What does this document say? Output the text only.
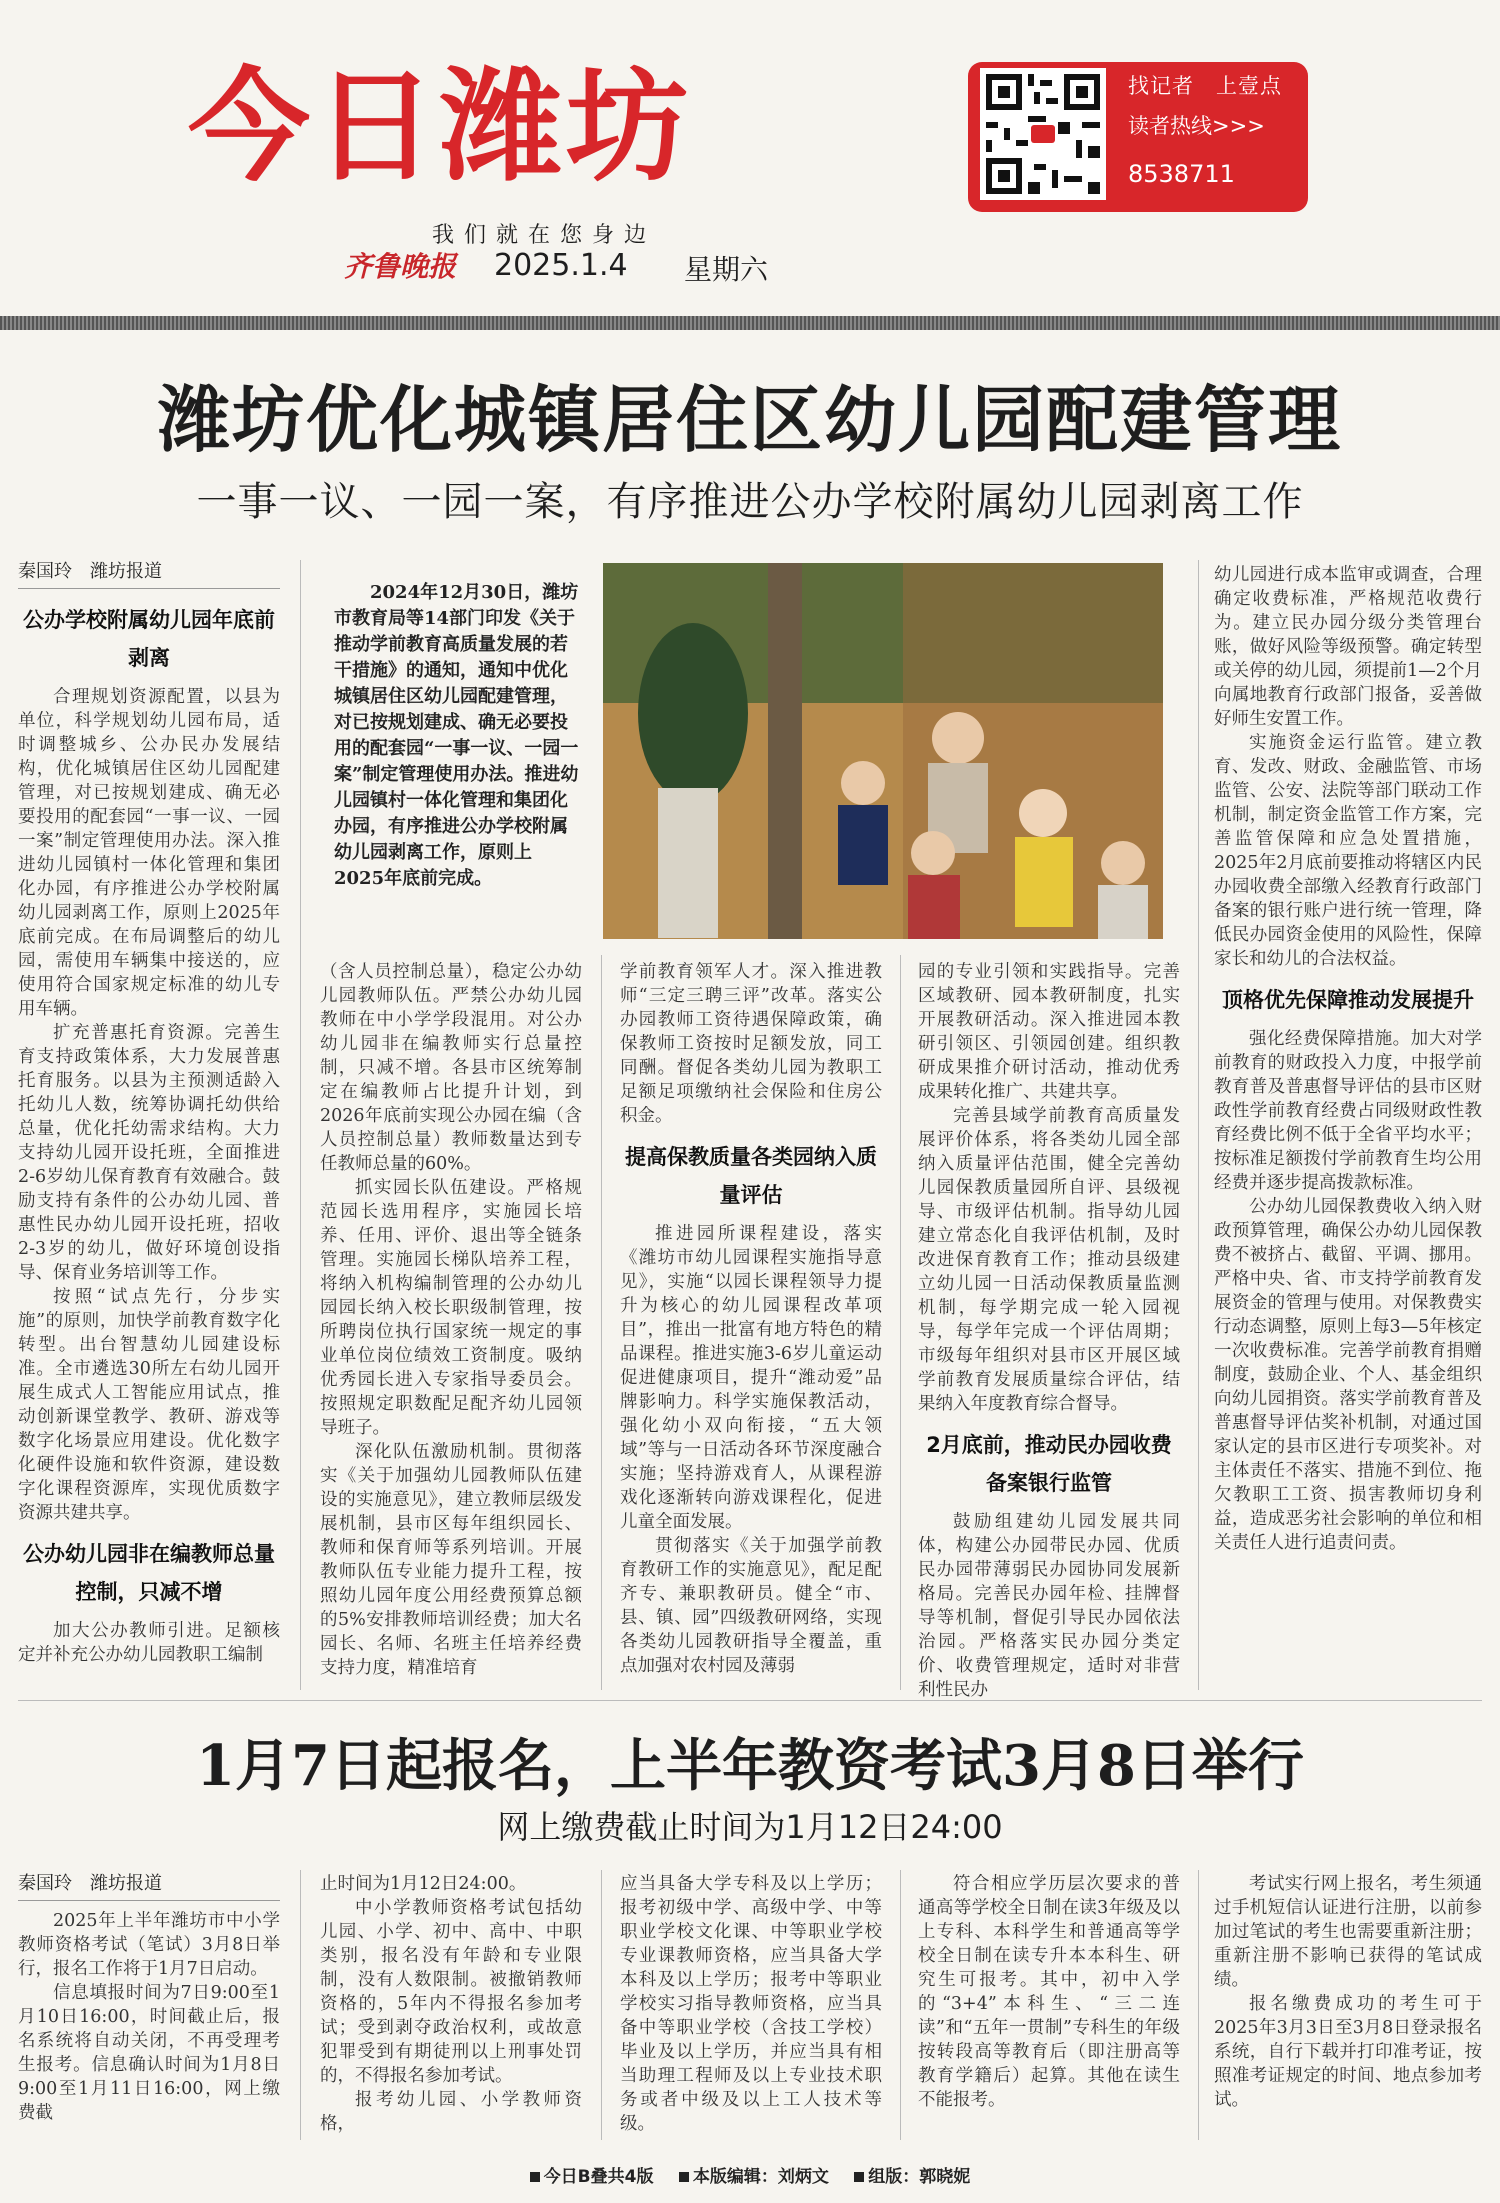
今日潍坊
我们就在您身边
齐鲁晚报 2025.1.4 星期六
找记者　上壹点
读者热线>>>
8538711
潍坊优化城镇居住区幼儿园配建管理
一事一议、一园一案，有序推进公办学校附属幼儿园剥离工作
秦国玲　潍坊报道
公办学校附属幼儿园年底前剥离

合理规划资源配置，以县为单位，科学规划幼儿园布局，适时调整城乡、公办民办发展结构，优化城镇居住区幼儿园配建管理，对已按规划建成、确无必要投用的配套园“一事一议、一园一案”制定管理使用办法。深入推进幼儿园镇村一体化管理和集团化办园，有序推进公办学校附属幼儿园剥离工作，原则上2025年底前完成。在布局调整后的幼儿园，需使用车辆集中接送的，应使用符合国家规定标准的幼儿专用车辆。

扩充普惠托育资源。完善生育支持政策体系，大力发展普惠托育服务。以县为主预测适龄入托幼儿人数，统筹协调托幼供给总量，优化托幼需求结构。大力支持幼儿园开设托班，全面推进2-6岁幼儿保育教育有效融合。鼓励支持有条件的公办幼儿园、普惠性民办幼儿园开设托班，招收2-3岁的幼儿，做好环境创设指导、保育业务培训等工作。

按照“试点先行，分步实施”的原则，加快学前教育数字化转型。出台智慧幼儿园建设标准。全市遴选30所左右幼儿园开展生成式人工智能应用试点，推动创新课堂教学、教研、游戏等数字化场景应用建设。优化数字化硬件设施和软件资源，建设数字化课程资源库，实现优质数字资源共建共享。

公办幼儿园非在编教师总量控制，只减不增

加大公办教师引进。足额核定并补充公办幼儿园教职工编制

2024年12月30日，潍坊市教育局等14部门印发《关于推动学前教育高质量发展的若干措施》的通知，通知中优化城镇居住区幼儿园配建管理，对已按规划建成、确无必要投用的配套园“一事一议、一园一案”制定管理使用办法。推进幼儿园镇村一体化管理和集团化办园，有序推进公办学校附属幼儿园剥离工作，原则上2025年底前完成。

（含人员控制总量），稳定公办幼儿园教师队伍。严禁公办幼儿园教师在中小学学段混用。对公办幼儿园非在编教师实行总量控制，只减不增。各县市区统筹制定在编教师占比提升计划，到2026年底前实现公办园在编（含人员控制总量）教师数量达到专任教师总量的60%。

抓实园长队伍建设。严格规范园长选用程序，实施园长培养、任用、评价、退出等全链条管理。实施园长梯队培养工程，将纳入机构编制管理的公办幼儿园园长纳入校长职级制管理，按所聘岗位执行国家统一规定的事业单位岗位绩效工资制度。吸纳优秀园长进入专家指导委员会。按照规定职数配足配齐幼儿园领导班子。

深化队伍激励机制。贯彻落实《关于加强幼儿园教师队伍建设的实施意见》，建立教师层级发展机制，县市区每年组织园长、教师和保育师等系列培训。开展教师队伍专业能力提升工程，按照幼儿园年度公用经费预算总额的5%安排教师培训经费；加大名园长、名师、名班主任培养经费支持力度，精准培育

学前教育领军人才。深入推进教师“三定三聘三评”改革。落实公办园教师工资待遇保障政策，确保教师工资按时足额发放，同工同酬。督促各类幼儿园为教职工足额足项缴纳社会保险和住房公积金。

提高保教质量各类园纳入质量评估

推进园所课程建设，落实《潍坊市幼儿园课程实施指导意见》，实施“以园长课程领导力提升为核心的幼儿园课程改革项目”，推出一批富有地方特色的精品课程。推进实施3-6岁儿童运动促进健康项目，提升“潍动爱”品牌影响力。科学实施保教活动，强化幼小双向衔接，“五大领域”等与一日活动各环节深度融合实施；坚持游戏育人，从课程游戏化逐渐转向游戏课程化，促进儿童全面发展。

贯彻落实《关于加强学前教育教研工作的实施意见》，配足配齐专、兼职教研员。健全“市、县、镇、园”四级教研网络，实现各类幼儿园教研指导全覆盖，重点加强对农村园及薄弱

园的专业引领和实践指导。完善区域教研、园本教研制度，扎实开展教研活动。深入推进园本教研引领区、引领园创建。组织教研成果推介研讨活动，推动优秀成果转化推广、共建共享。

完善县域学前教育高质量发展评价体系，将各类幼儿园全部纳入质量评估范围，健全完善幼儿园保教质量园所自评、县级视导、市级评估机制。指导幼儿园建立常态化自我评估机制，及时改进保育教育工作；推动县级建立幼儿园一日活动保教质量监测机制，每学期完成一轮入园视导，每学年完成一个评估周期；市级每年组织对县市区开展区域学前教育发展质量综合评估，结果纳入年度教育综合督导。

2月底前，推动民办园收费备案银行监管

鼓励组建幼儿园发展共同体，构建公办园带民办园、优质民办园带薄弱民办园协同发展新格局。完善民办园年检、挂牌督导等机制，督促引导民办园依法治园。严格落实民办园分类定价、收费管理规定，适时对非营利性民办

幼儿园进行成本监审或调查，合理确定收费标准，严格规范收费行为。建立民办园分级分类管理台账，做好风险等级预警。确定转型或关停的幼儿园，须提前1—2个月向属地教育行政部门报备，妥善做好师生安置工作。

实施资金运行监管。建立教育、发改、财政、金融监管、市场监管、公安、法院等部门联动工作机制，制定资金监管工作方案，完善监管保障和应急处置措施，2025年2月底前要推动将辖区内民办园收费全部缴入经教育行政部门备案的银行账户进行统一管理，降低民办园资金使用的风险性，保障家长和幼儿的合法权益。

顶格优先保障推动发展提升

强化经费保障措施。加大对学前教育的财政投入力度，中报学前教育普及普惠督导评估的县市区财政性学前教育经费占同级财政性教育经费比例不低于全省平均水平；按标准足额拨付学前教育生均公用经费并逐步提高拨款标准。

公办幼儿园保教费收入纳入财政预算管理，确保公办幼儿园保教费不被挤占、截留、平调、挪用。严格中央、省、市支持学前教育发展资金的管理与使用。对保教费实行动态调整，原则上每3—5年核定一次收费标准。完善学前教育捐赠制度，鼓励企业、个人、基金组织向幼儿园捐资。落实学前教育普及普惠督导评估奖补机制，对通过国家认定的县市区进行专项奖补。对主体责任不落实、措施不到位、拖欠教职工工资、损害教师切身利益，造成恶劣社会影响的单位和相关责任人进行追责问责。

1月7日起报名，上半年教资考试3月8日举行
网上缴费截止时间为1月12日24:00
秦国玲　潍坊报道

2025年上半年潍坊市中小学教师资格考试（笔试）3月8日举行，报名工作将于1月7日启动。

信息填报时间为7日9:00至1月10日16:00，时间截止后，报名系统将自动关闭，不再受理考生报考。信息确认时间为1月8日9:00至1月11日16:00，网上缴费截

止时间为1月12日24:00。

中小学教师资格考试包括幼儿园、小学、初中、高中、中职类别，报名没有年龄和专业限制，没有人数限制。被撤销教师资格的，5年内不得报名参加考试；受到剥夺政治权利，或故意犯罪受到有期徒刑以上刑事处罚的，不得报名参加考试。

报考幼儿园、小学教师资格，

应当具备大学专科及以上学历；报考初级中学、高级中学、中等职业学校文化课、中等职业学校专业课教师资格，应当具备大学本科及以上学历；报考中等职业学校实习指导教师资格，应当具备中等职业学校（含技工学校）毕业及以上学历，并应当具有相当助理工程师及以上专业技术职务或者中级及以上工人技术等级。

符合相应学历层次要求的普通高等学校全日制在读3年级及以上专科、本科学生和普通高等学校全日制在读专升本本科生、研究生可报考。其中，初中入学的“3+4”本科生、“三二连读”和“五年一贯制”专科生的年级按转段高等教育后（即注册高等教育学籍后）起算。其他在读生不能报考。

考试实行网上报名，考生须通过手机短信认证进行注册，以前参加过笔试的考生也需要重新注册；重新注册不影响已获得的笔试成绩。

报名缴费成功的考生可于2025年3月3日至3月8日登录报名系统，自行下载并打印准考证，按照准考证规定的时间、地点参加考试。

今日B叠共4版 本版编辑：刘炳文 组版：郭晓妮
